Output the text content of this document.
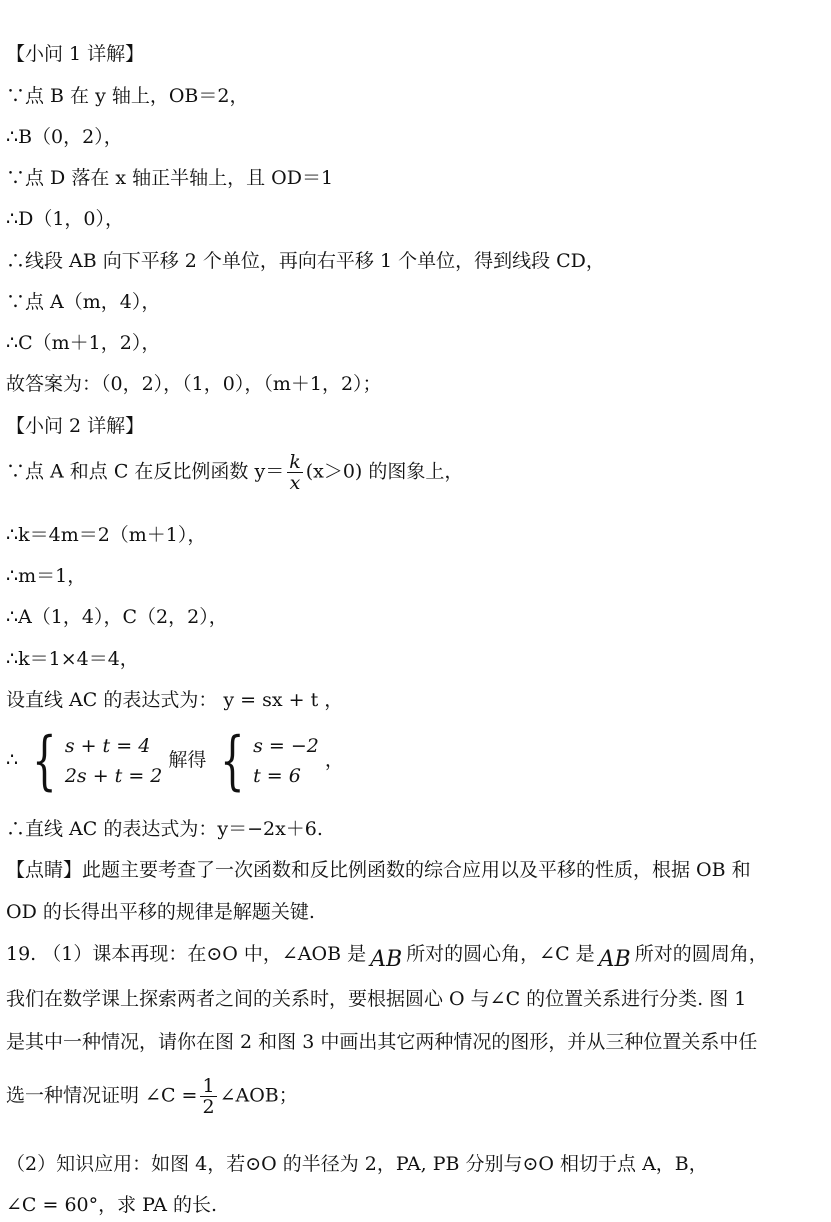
【小问 1 详解】
∵点 B 在 y 轴上，OB＝2，
∴B（0，2），
∵点 D 落在 x 轴正半轴上，且 OD＝1
∴D（1，0），
∴线段 AB 向下平移 2 个单位，再向右平移 1 个单位，得到线段 CD，
∵点 A（m，4），
∴C（m＋1，2），
故答案为：（0，2），（1，0），（m＋1，2）；
【小问 2 详解】
∵点 A 和点 C 在反比例函数 $y= \frac{k}{x} (x>0)$ 的图象上，
∴k＝4m＝2（m＋1），
∴m＝1，
∴A（1，4），C（2，2），
∴k＝1×4＝4，
设直线 AC 的表达式为： y = sx + t ，
∴ { s + t = 4
2s + t = 2
解得 { s = −2
t = 6
，
∴直线 AC 的表达式为：y＝−2x＋6.
【点睛】此题主要考查了一次函数和反比例函数的综合应用以及平移的性质，根据 OB 和
OD 的长得出平移的规律是解题关键.
19. （1）课本再现：在⊙O 中，∠AOB 是 AB 所对的圆心角，∠C 是 AB 所对的圆周角，
我们在数学课上探索两者之间的关系时，要根据圆心 O 与∠C 的位置关系进行分类. 图 1
是其中一种情况，请你在图 2 和图 3 中画出其它两种情况的图形，并从三种位置关系中任
选一种情况证明 ∠C = $\frac{1}{2}$ ∠AOB；
（2）知识应用：如图 4，若⊙O 的半径为 2，PA, PB 分别与⊙O 相切于点 A，B，
∠C = 60°，求 PA 的长.
